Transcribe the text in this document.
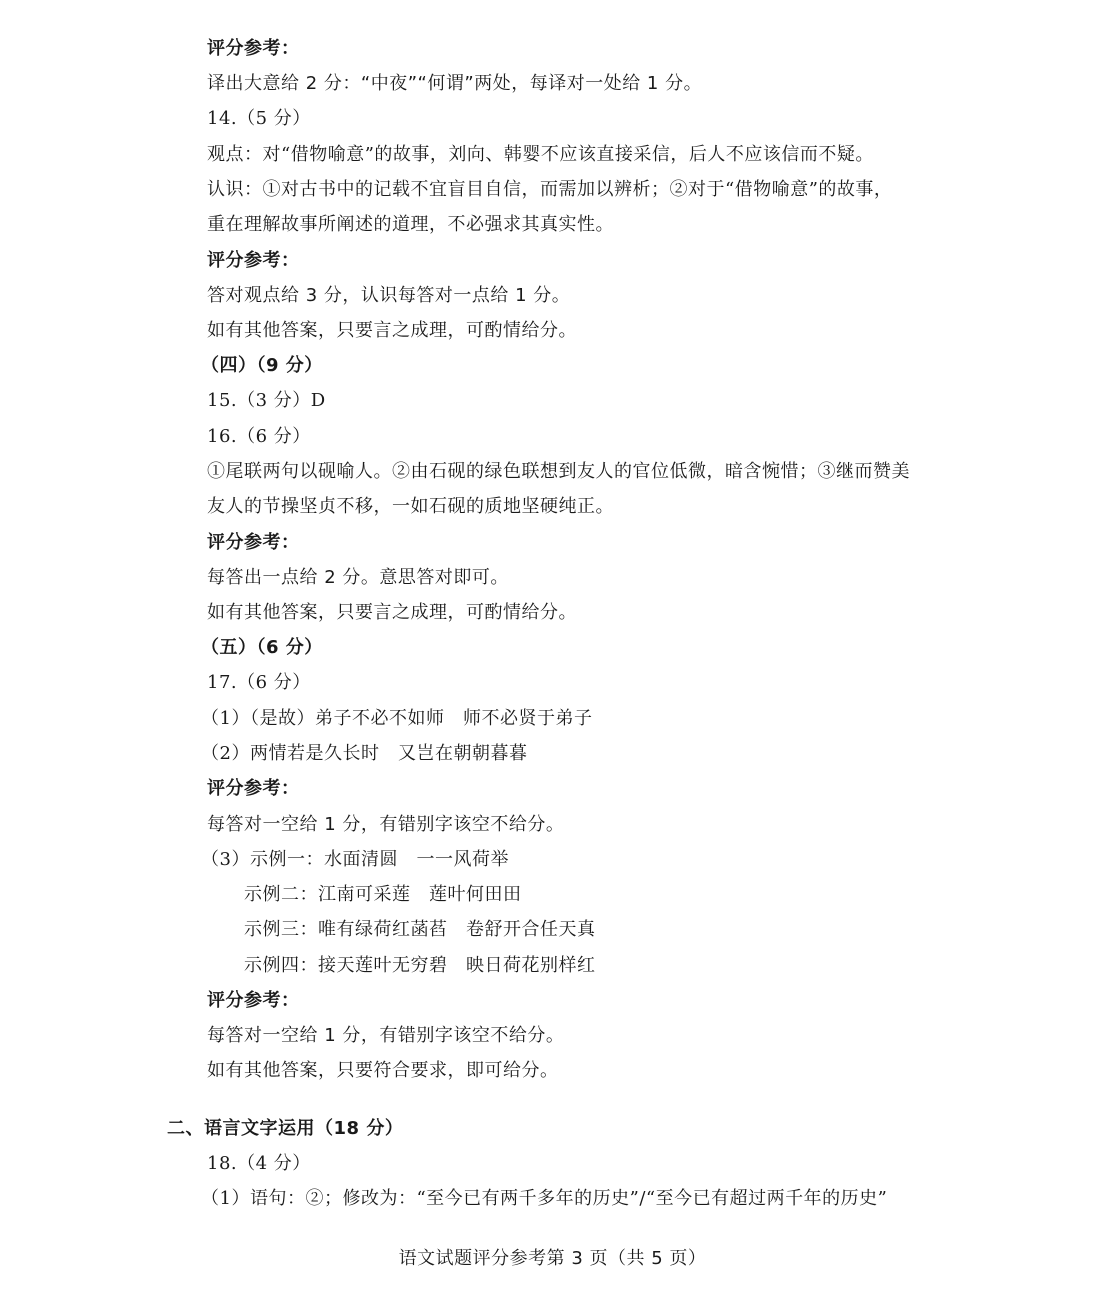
评分参考：
译出大意给 2 分：“中夜”“何谓”两处，每译对一处给 1 分。
14.（5 分）
观点：对“借物喻意”的故事，刘向、韩婴不应该直接采信，后人不应该信而不疑。
认识：①对古书中的记载不宜盲目自信，而需加以辨析；②对于“借物喻意”的故事，
重在理解故事所阐述的道理，不必强求其真实性。
评分参考：
答对观点给 3 分，认识每答对一点给 1 分。
如有其他答案，只要言之成理，可酌情给分。
（四）（9 分）
15.（3 分）D
16.（6 分）
①尾联两句以砚喻人。②由石砚的绿色联想到友人的官位低微，暗含惋惜；③继而赞美
友人的节操坚贞不移，一如石砚的质地坚硬纯正。
评分参考：
每答出一点给 2 分。意思答对即可。
如有其他答案，只要言之成理，可酌情给分。
（五）（6 分）
17.（6 分）
（1）（是故）弟子不必不如师　师不必贤于弟子
（2）两情若是久长时　又岂在朝朝暮暮
评分参考：
每答对一空给 1 分，有错别字该空不给分。
（3）示例一：水面清圆　一一风荷举
示例二：江南可采莲　莲叶何田田
示例三：唯有绿荷红菡萏　卷舒开合任天真
示例四：接天莲叶无穷碧　映日荷花别样红
评分参考：
每答对一空给 1 分，有错别字该空不给分。
如有其他答案，只要符合要求，即可给分。
二、语言文字运用（18 分）
18.（4 分）
（1）语句：②；修改为：“至今已有两千多年的历史”/“至今已有超过两千年的历史”
语文试题评分参考第 3 页（共 5 页）
